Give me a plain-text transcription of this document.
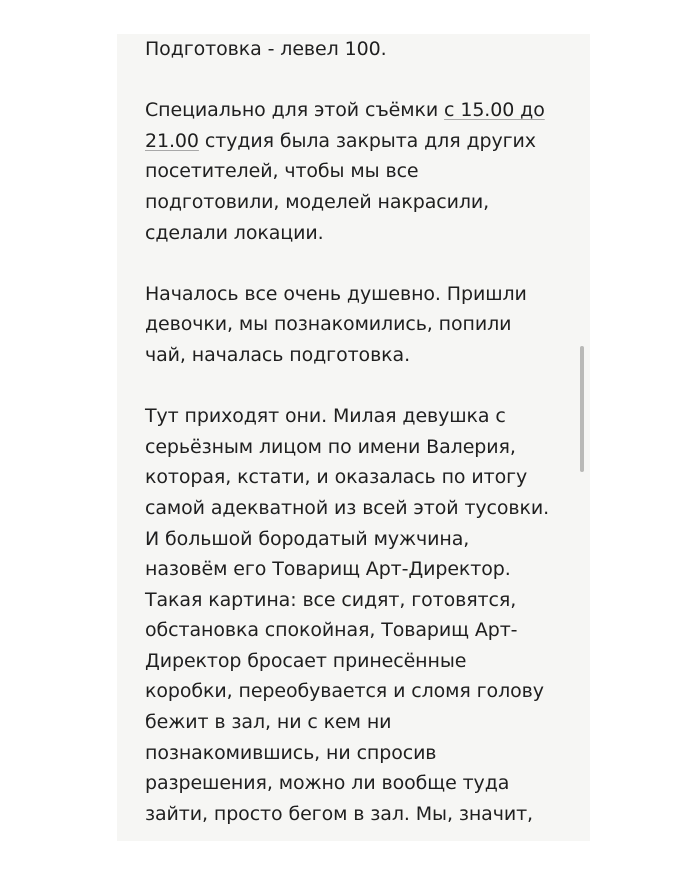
Подготовка - левел 100.
Специально для этой съёмки с 15.00 до
21.00 студия была закрыта для других
посетителей, чтобы мы все
подготовили, моделей накрасили,
сделали локации.
Началось все очень душевно. Пришли
девочки, мы познакомились, попили
чай, началась подготовка.
Тут приходят они. Милая девушка с
серьёзным лицом по имени Валерия,
которая, кстати, и оказалась по итогу
самой адекватной из всей этой тусовки.
И большой бородатый мужчина,
назовём его Товарищ Арт-Директор.
Такая картина: все сидят, готовятся,
обстановка спокойная, Товарищ Арт-
Директор бросает принесённые
коробки, переобувается и сломя голову
бежит в зал, ни с кем ни
познакомившись, ни спросив
разрешения, можно ли вообще туда
зайти, просто бегом в зал. Мы, значит,
